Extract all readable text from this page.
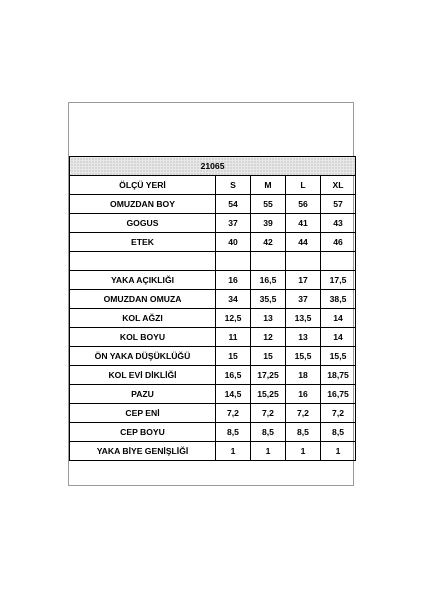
21065				
ÖLÇÜ YERİ	S	M	L	XL
OMUZDAN BOY	54	55	56	57
GOGUS	37	39	41	43
ETEK	40	42	44	46

YAKA AÇIKLIĞI	16	16,5	17	17,5
OMUZDAN OMUZA	34	35,5	37	38,5
KOL AĞZI	12,5	13	13,5	14
KOL BOYU	11	12	13	14
ÖN YAKA DÜŞÜKLÜĞÜ	15	15	15,5	15,5
KOL EVİ DİKLİĞİ	16,5	17,25	18	18,75
PAZU	14,5	15,25	16	16,75
CEP ENİ	7,2	7,2	7,2	7,2
CEP BOYU	8,5	8,5	8,5	8,5
YAKA BİYE GENİŞLİĞİ	1	1	1	1
